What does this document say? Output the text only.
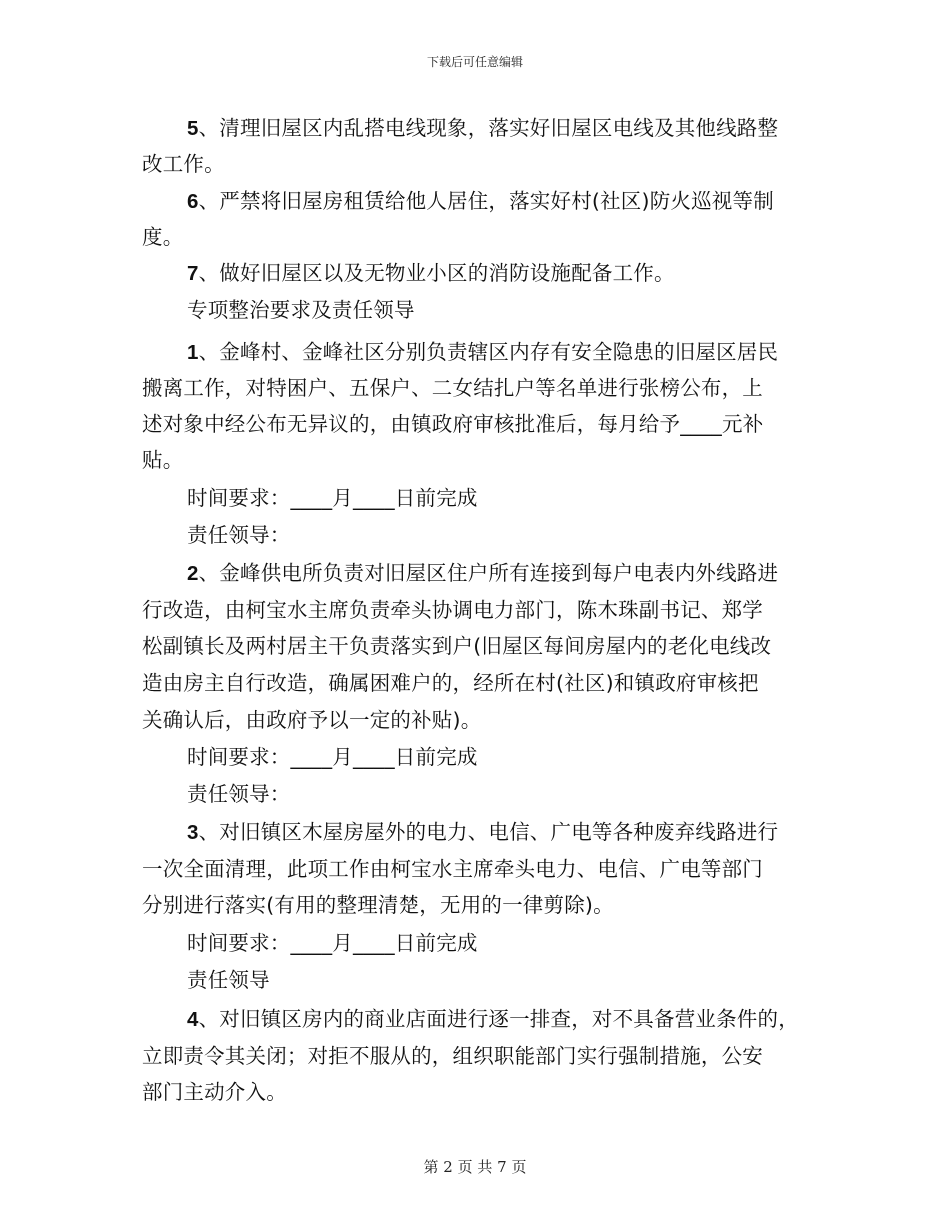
下载后可任意编辑
5、清理旧屋区内乱搭电线现象，落实好旧屋区电线及其他线路整
改工作。
6、严禁将旧屋房租赁给他人居住，落实好村(社区)防火巡视等制
度。
7、做好旧屋区以及无物业小区的消防设施配备工作。
专项整治要求及责任领导
1、金峰村、金峰社区分别负责辖区内存有安全隐患的旧屋区居民
搬离工作，对特困户、五保户、二女结扎户等名单进行张榜公布，上
述对象中经公布无异议的，由镇政府审核批准后，每月给予____元补
贴。
时间要求：____月____日前完成
责任领导：
2、金峰供电所负责对旧屋区住户所有连接到每户电表内外线路进
行改造，由柯宝水主席负责牵头协调电力部门，陈木珠副书记、郑学
松副镇长及两村居主干负责落实到户(旧屋区每间房屋内的老化电线改
造由房主自行改造，确属困难户的，经所在村(社区)和镇政府审核把
关确认后，由政府予以一定的补贴)。
时间要求：____月____日前完成
责任领导：
3、对旧镇区木屋房屋外的电力、电信、广电等各种废弃线路进行
一次全面清理，此项工作由柯宝水主席牵头电力、电信、广电等部门
分别进行落实(有用的整理清楚，无用的一律剪除)。
时间要求：____月____日前完成
责任领导
4、对旧镇区房内的商业店面进行逐一排查，对不具备营业条件的，
立即责令其关闭；对拒不服从的，组织职能部门实行强制措施，公安
部门主动介入。
第 2 页 共 7 页
